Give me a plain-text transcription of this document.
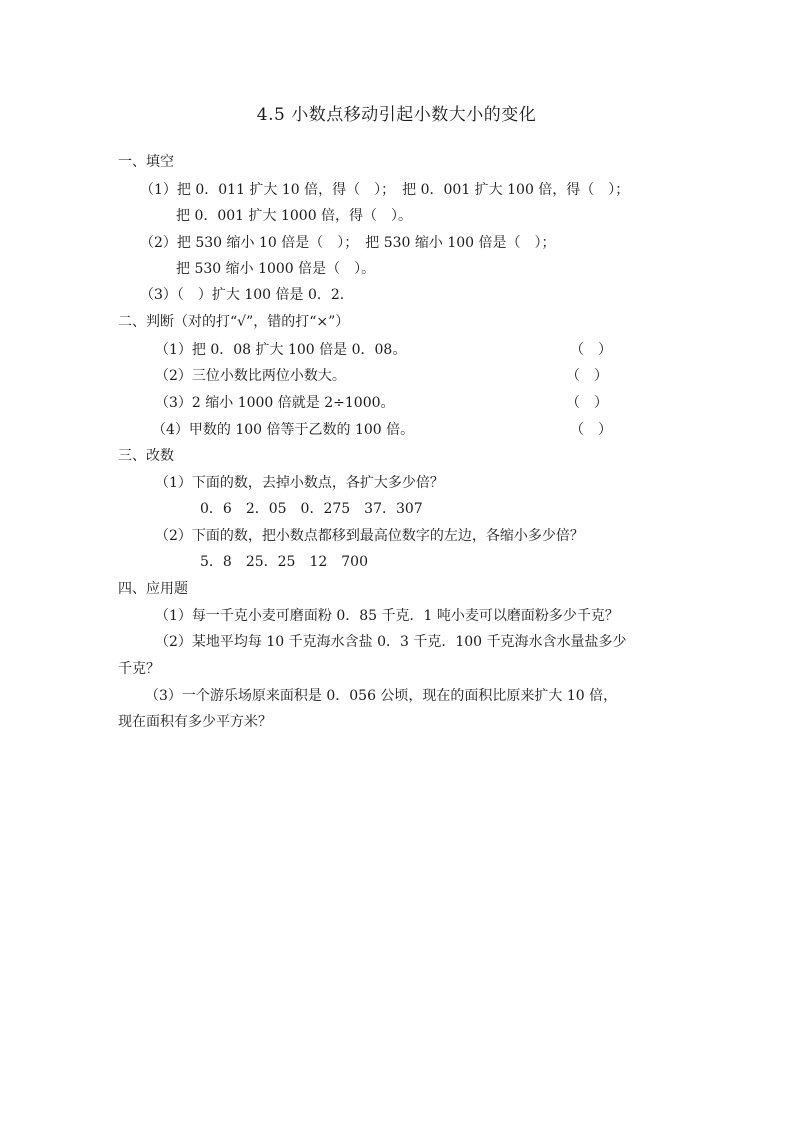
4.5 小数点移动引起小数大小的变化
一、填空
（1）把 0．011 扩大 10 倍，得（　）；　把 0．001 扩大 100 倍，得（　）；
把 0．001 扩大 1000 倍，得（　）。
（2）把 530 缩小 10 倍是（　）；　把 530 缩小 100 倍是（　）；
把 530 缩小 1000 倍是（　）。
（3）（　）扩大 100 倍是 0．2.
二、判断（对的打“√”，错的打“×”）
（1）把 0．08 扩大 100 倍是 0．08。	（　）
（2）三位小数比两位小数大。	（　）
（3）2 缩小 1000 倍就是 2÷1000。	（　）
（4）甲数的 100 倍等于乙数的 100 倍。	（　）
三、改数
（1）下面的数，去掉小数点，各扩大多少倍？
0．6　2．05　0．275　37．307
（2）下面的数，把小数点都移到最高位数字的左边，各缩小多少倍？
5．8　25．25　12　700
四、应用题
（1）每一千克小麦可磨面粉 0．85 千克．1 吨小麦可以磨面粉多少千克？
（2）某地平均每 10 千克海水含盐 0．3 千克．100 千克海水含水量盐多少
千克？
（3）一个游乐场原来面积是 0．056 公顷，现在的面积比原来扩大 10 倍，
现在面积有多少平方米？
